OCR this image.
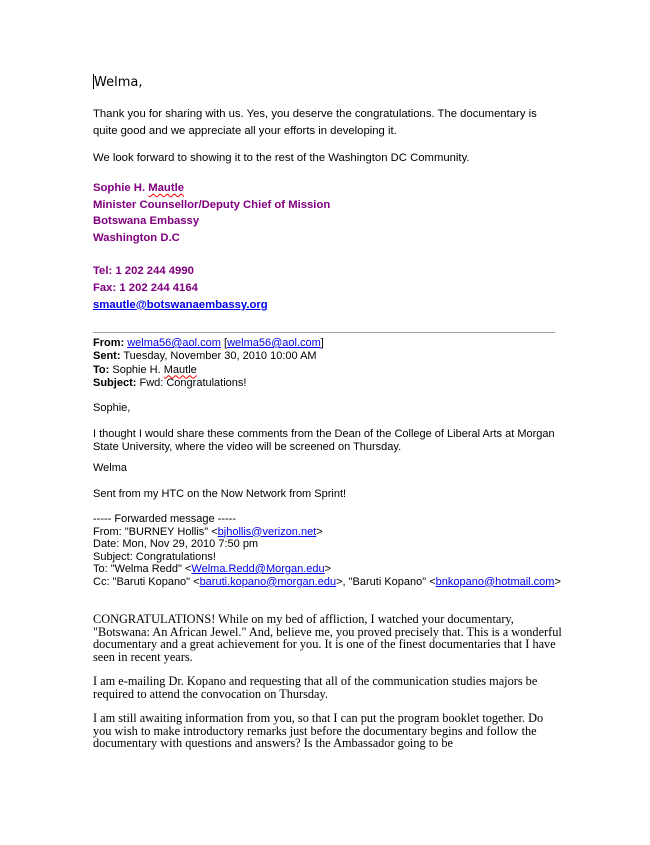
Welma,
Thank you for sharing with us. Yes, you deserve the congratulations. The documentary is quite good and we appreciate all your efforts in developing it.
We look forward to showing it to the rest of the Washington DC Community.
Sophie H. Mautle
Minister Counsellor/Deputy Chief of Mission
Botswana Embassy
Washington D.C
Tel: 1 202 244 4990
Fax: 1 202 244 4164
smautle@botswanaembassy.org
From: welma56@aol.com [welma56@aol.com]
Sent: Tuesday, November 30, 2010 10:00 AM
To: Sophie H. Mautle
Subject: Fwd: Congratulations!
Sophie,
I thought I would share these comments from the Dean of the College of Liberal Arts at Morgan State University, where the video will be screened on Thursday.
Welma
Sent from my HTC on the Now Network from Sprint!
----- Forwarded message -----
From: "BURNEY Hollis" <bjhollis@verizon.net>
Date: Mon, Nov 29, 2010 7:50 pm
Subject: Congratulations!
To: "Welma Redd" <Welma.Redd@Morgan.edu>
Cc: "Baruti Kopano" <baruti.kopano@morgan.edu>, "Baruti Kopano" <bnkopano@hotmail.com>
CONGRATULATIONS! While on my bed of affliction, I watched your documentary, "Botswana: An African Jewel." And, believe me, you proved precisely that. This is a wonderful documentary and a great achievement for you. It is one of the finest documentaries that I have seen in recent years.
I am e-mailing Dr. Kopano and requesting that all of the communication studies majors be required to attend the convocation on Thursday.
I am still awaiting information from you, so that I can put the program booklet together. Do you wish to make introductory remarks just before the documentary begins and follow the documentary with questions and answers? Is the Ambassador going to be
